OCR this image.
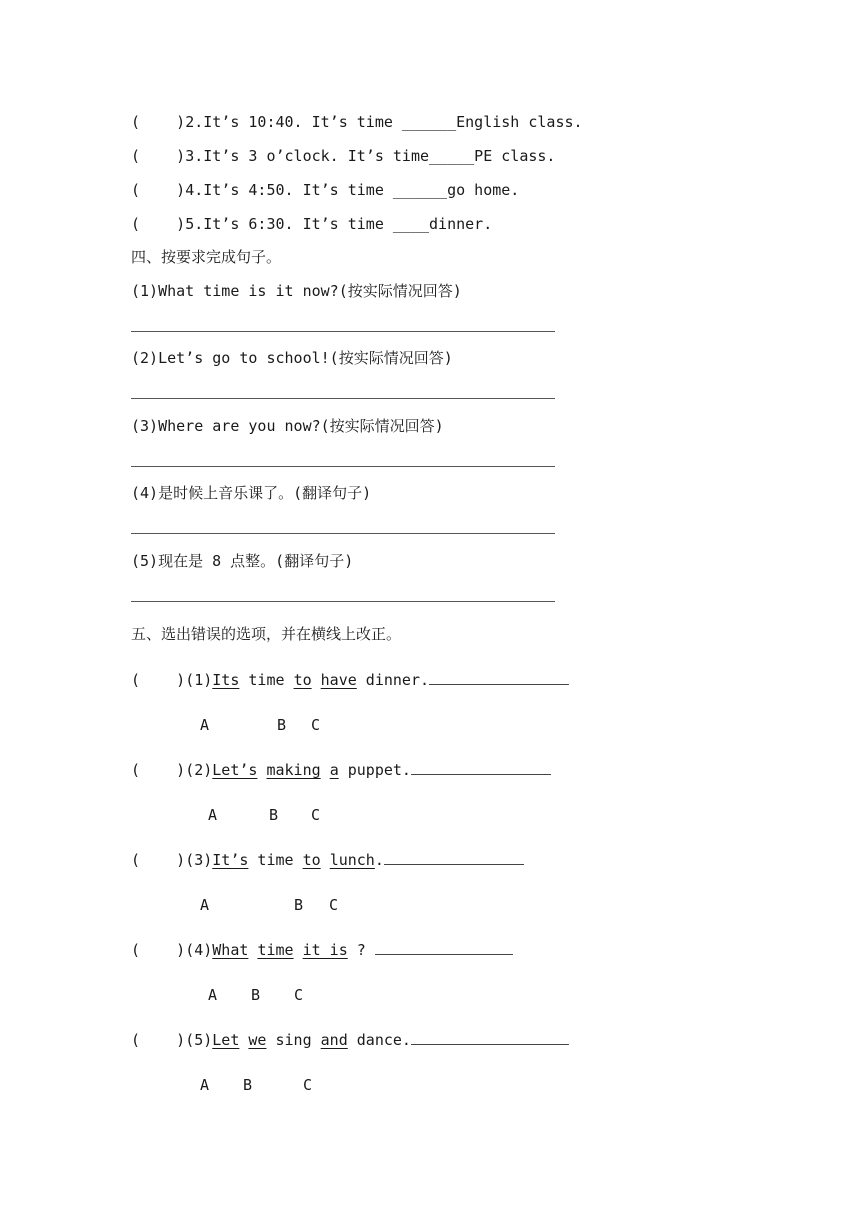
(    )2.It’s 10:40. It’s time ______English class.
(    )3.It’s 3 o’clock. It’s time_____PE class.
(    )4.It’s 4:50. It’s time ______go home.
(    )5.It’s 6:30. It’s time ____dinner.
四、按要求完成句子。
(1)What time is it now?(按实际情况回答)
(2)Let’s go to school!(按实际情况回答)
(3)Where are you now?(按实际情况回答)
(4)是时候上音乐课了。(翻译句子)
(5)现在是 8 点整。(翻译句子)
五、选出错误的选项，并在横线上改正。
(    )(1)Its time to have dinner.
A	B C
(    )(2)Let’s making a puppet.
A	B C
(    )(3)It’s time to lunch.
A	B C
(    )(4)What time it is ?
A B C
(    )(5)Let we sing and dance.
A B	C
